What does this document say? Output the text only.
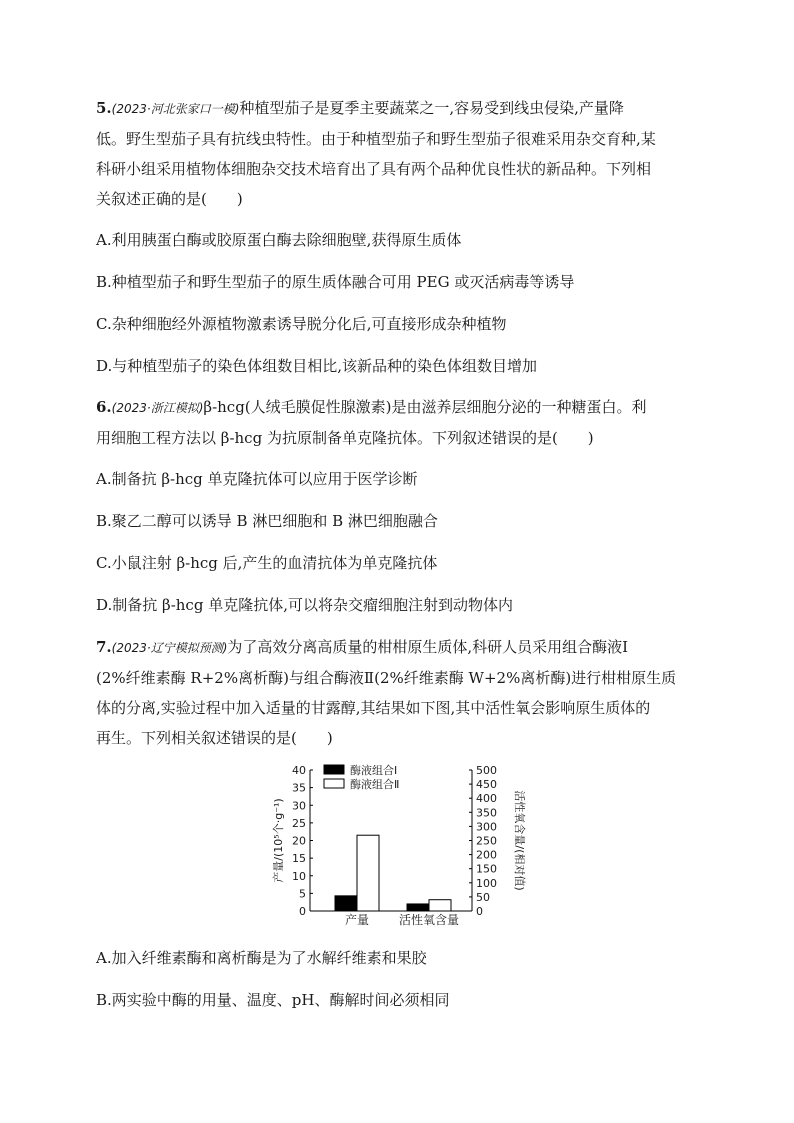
5.(2023·河北张家口一模)种植型茄子是夏季主要蔬菜之一,容易受到线虫侵染,产量降
低。野生型茄子具有抗线虫特性。由于种植型茄子和野生型茄子很难采用杂交育种,某
科研小组采用植物体细胞杂交技术培育出了具有两个品种优良性状的新品种。下列相
关叙述正确的是(　　)
A.利用胰蛋白酶或胶原蛋白酶去除细胞壁,获得原生质体
B.种植型茄子和野生型茄子的原生质体融合可用 PEG 或灭活病毒等诱导
C.杂种细胞经外源植物激素诱导脱分化后,可直接形成杂种植物
D.与种植型茄子的染色体组数目相比,该新品种的染色体组数目增加
6.(2023·浙江模拟)β-hcg(人绒毛膜促性腺激素)是由滋养层细胞分泌的一种糖蛋白。利
用细胞工程方法以 β-hcg 为抗原制备单克隆抗体。下列叙述错误的是(　　)
A.制备抗 β-hcg 单克隆抗体可以应用于医学诊断
B.聚乙二醇可以诱导 B 淋巴细胞和 B 淋巴细胞融合
C.小鼠注射 β-hcg 后,产生的血清抗体为单克隆抗体
D.制备抗 β-hcg 单克隆抗体,可以将杂交瘤细胞注射到动物体内
7.(2023·辽宁模拟预测)为了高效分离高质量的柑柑原生质体,科研人员采用组合酶液Ⅰ
(2%纤维素酶 R+2%离析酶)与组合酶液Ⅱ(2%纤维素酶 W+2%离析酶)进行柑柑原生质
体的分离,实验过程中加入适量的甘露醇,其结果如下图,其中活性氧会影响原生质体的
再生。下列相关叙述错误的是(　　)
0
5
10
15
20
25
30
35
40
0
50
100
150
200
250
300
350
400
450
500
产量/(10⁵个·g⁻¹)	活性氧含量/(相对值)
产量 活性氧含量
酶液组合Ⅰ
酶液组合Ⅱ
A.加入纤维素酶和离析酶是为了水解纤维素和果胶
B.两实验中酶的用量、温度、pH、酶解时间必须相同
